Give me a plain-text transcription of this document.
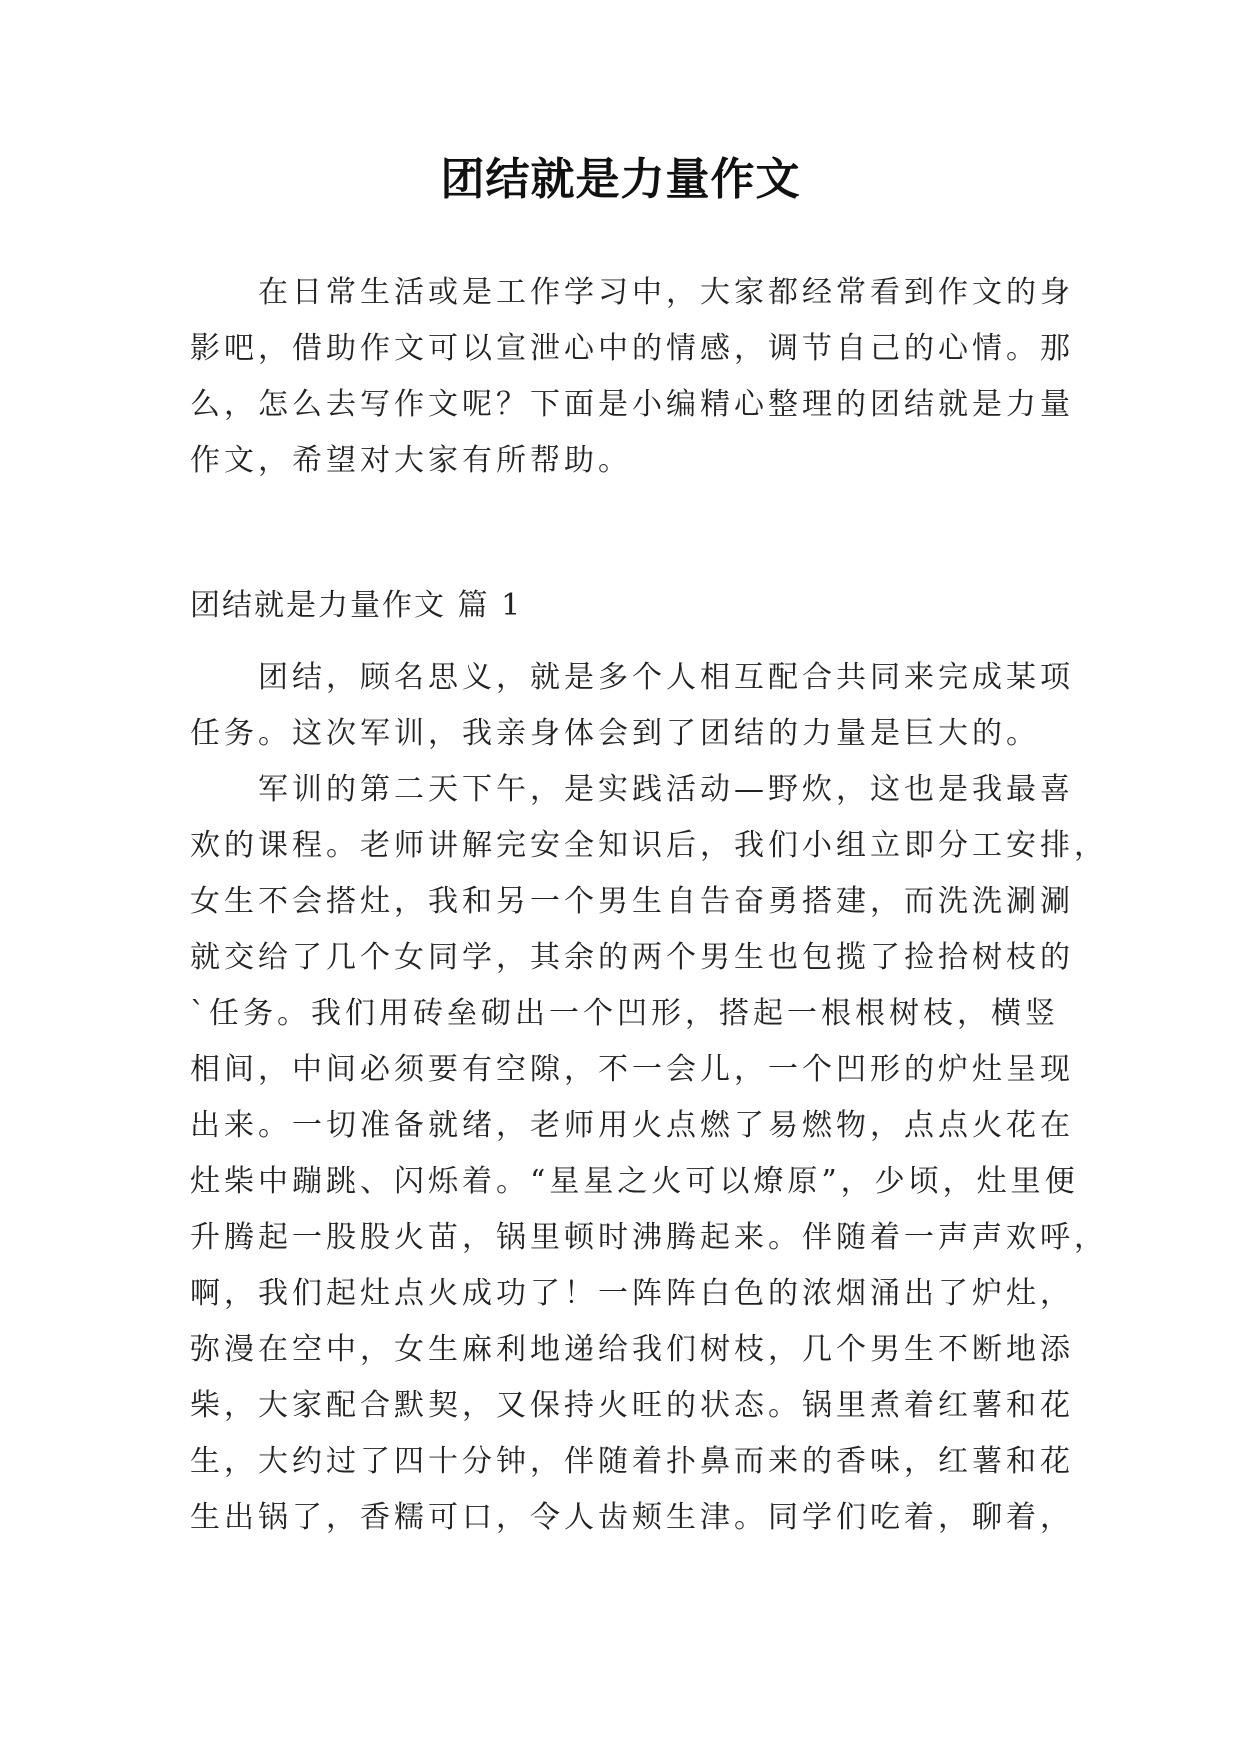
团结就是力量作文
在日常生活或是工作学习中，大家都经常看到作文的身
影吧，借助作文可以宣泄心中的情感，调节自己的心情。那
么，怎么去写作文呢？下面是小编精心整理的团结就是力量
作文，希望对大家有所帮助。
团结就是力量作文 篇 1
团结，顾名思义，就是多个人相互配合共同来完成某项
任务。这次军训，我亲身体会到了团结的力量是巨大的。
军训的第二天下午，是实践活动—野炊，这也是我最喜
欢的课程。老师讲解完安全知识后，我们小组立即分工安排，
女生不会搭灶，我和另一个男生自告奋勇搭建，而洗洗涮涮
就交给了几个女同学，其余的两个男生也包揽了捡拾树枝的
`任务。我们用砖垒砌出一个凹形，搭起一根根树枝，横竖
相间，中间必须要有空隙，不一会儿，一个凹形的炉灶呈现
出来。一切准备就绪，老师用火点燃了易燃物，点点火花在
灶柴中蹦跳、闪烁着。“星星之火可以燎原”，少顷，灶里便
升腾起一股股火苗，锅里顿时沸腾起来。伴随着一声声欢呼，
啊，我们起灶点火成功了！一阵阵白色的浓烟涌出了炉灶，
弥漫在空中，女生麻利地递给我们树枝，几个男生不断地添
柴，大家配合默契，又保持火旺的状态。锅里煮着红薯和花
生，大约过了四十分钟，伴随着扑鼻而来的香味，红薯和花
生出锅了，香糯可口，令人齿颊生津。同学们吃着，聊着，
